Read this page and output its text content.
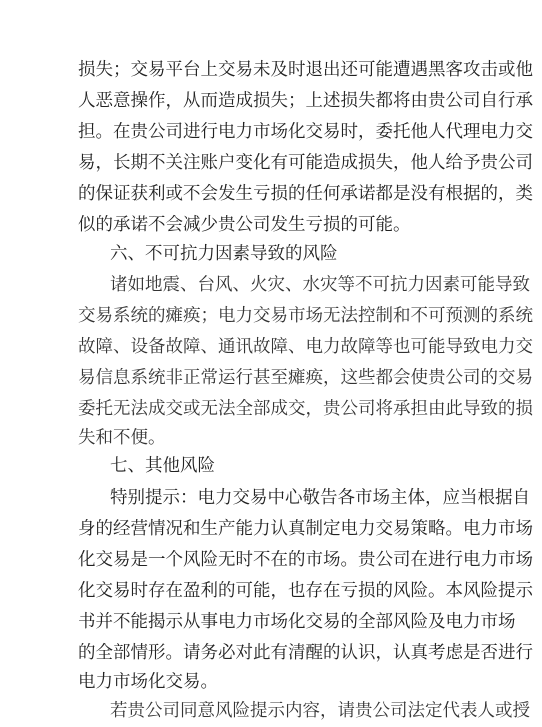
损失；交易平台上交易未及时退出还可能遭遇黑客攻击或他
人恶意操作，从而造成损失；上述损失都将由贵公司自行承
担。在贵公司进行电力市场化交易时，委托他人代理电力交
易，长期不关注账户变化有可能造成损失，他人给予贵公司
的保证获利或不会发生亏损的任何承诺都是没有根据的，类
似的承诺不会减少贵公司发生亏损的可能。
六、不可抗力因素导致的风险
诸如地震、台风、火灾、水灾等不可抗力因素可能导致
交易系统的瘫痪；电力交易市场无法控制和不可预测的系统
故障、设备故障、通讯故障、电力故障等也可能导致电力交
易信息系统非正常运行甚至瘫痪，这些都会使贵公司的交易
委托无法成交或无法全部成交，贵公司将承担由此导致的损
失和不便。
七、其他风险
特别提示：电力交易中心敬告各市场主体，应当根据自
身的经营情况和生产能力认真制定电力交易策略。电力市场
化交易是一个风险无时不在的市场。贵公司在进行电力市场
化交易时存在盈利的可能，也存在亏损的风险。本风险提示
书并不能揭示从事电力市场化交易的全部风险及电力市场
的全部情形。请务必对此有清醒的认识，认真考虑是否进行
电力市场化交易。
若贵公司同意风险提示内容，请贵公司法定代表人或授
